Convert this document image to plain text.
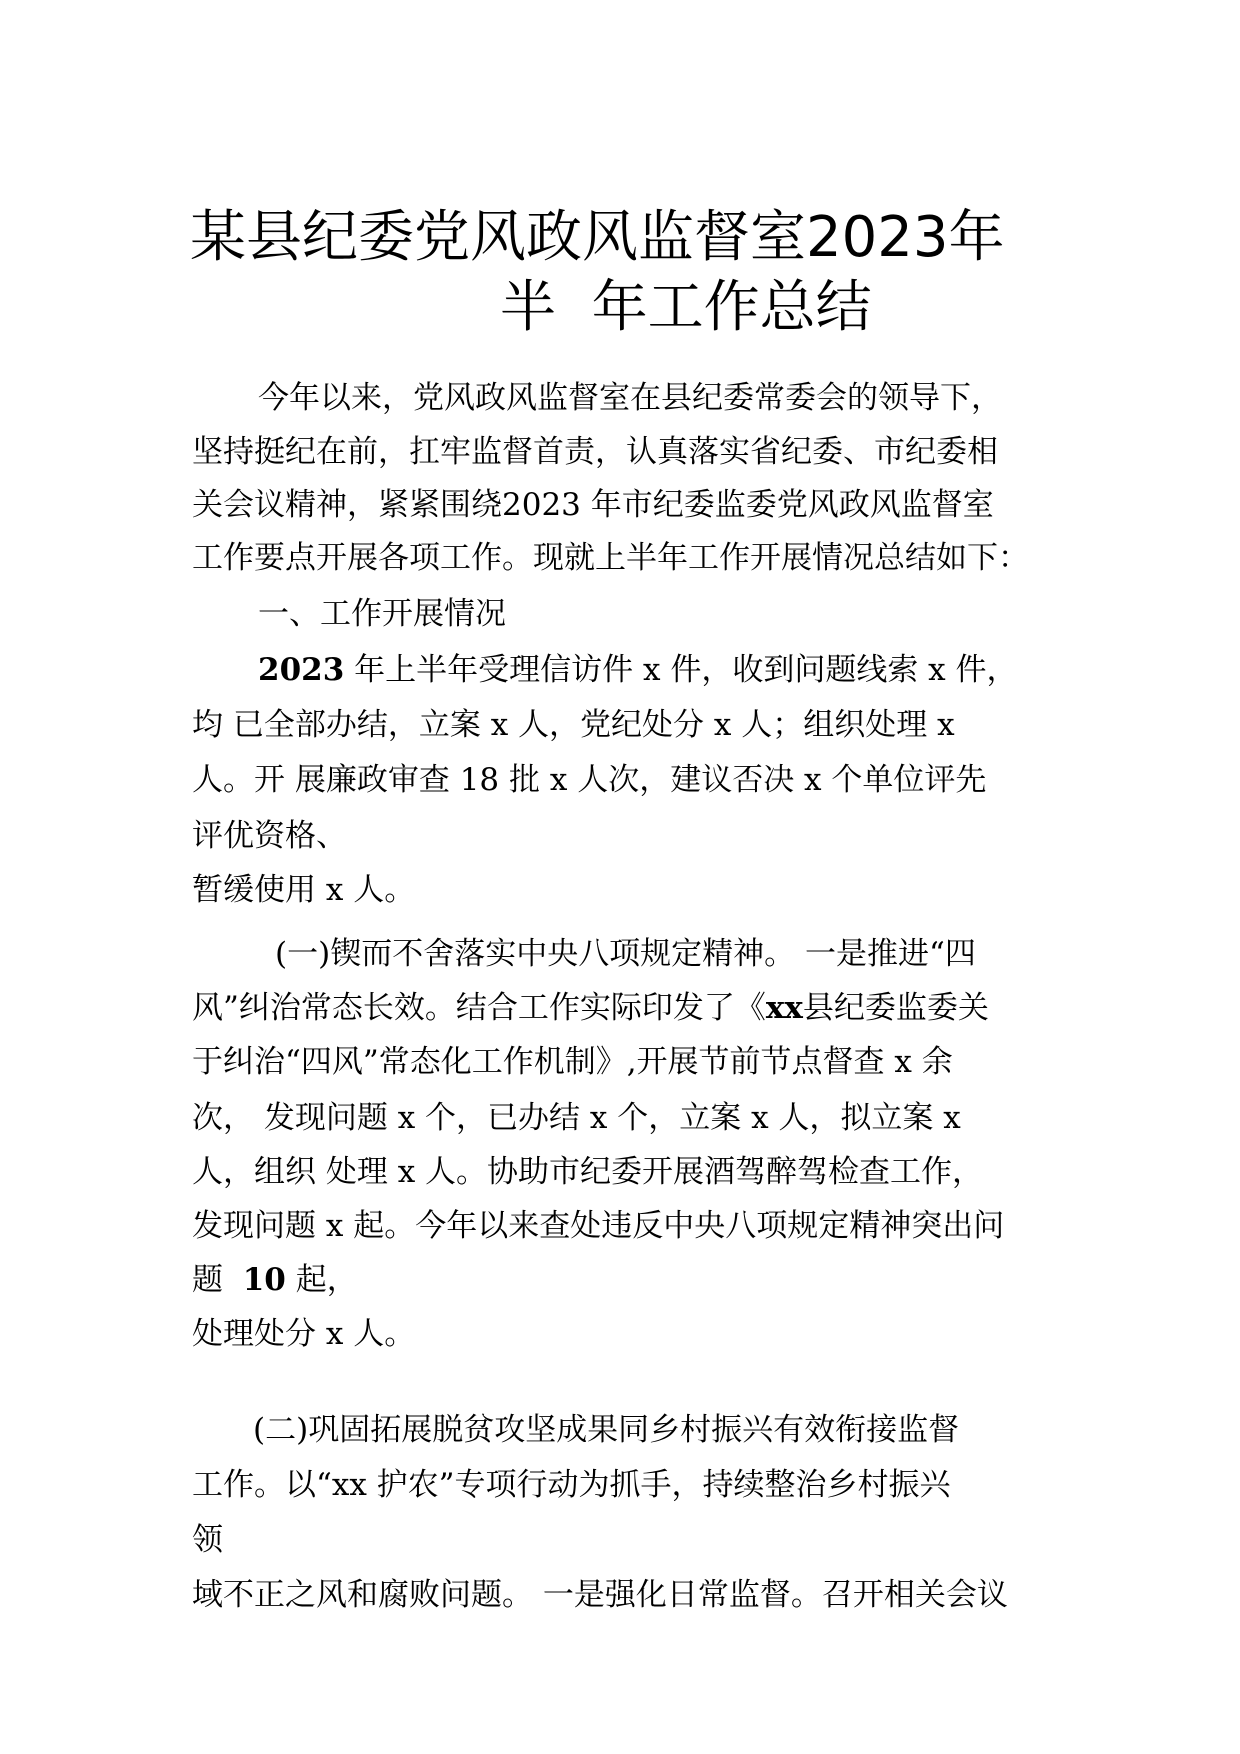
某县纪委党风政风监督室2023年
半  年工作总结
今年以来，党风政风监督室在县纪委常委会的领导下，
坚持挺纪在前，扛牢监督首责，认真落实省纪委、市纪委相
关会议精神，紧紧围绕2023 年市纪委监委党风政风监督室
工作要点开展各项工作。现就上半年工作开展情况总结如下：
一、工作开展情况
2023 年上半年受理信访件 x 件，收到问题线索 x 件，
均 已全部办结，立案 x 人，党纪处分 x 人；组织处理 x
人。开 展廉政审查 18 批 x 人次，建议否决 x 个单位评先
评优资格、
暂缓使用 x 人。
(一)锲而不舍落实中央八项规定精神。 一是推进“四
风”纠治常态长效。结合工作实际印发了《xx县纪委监委关
于纠治“四风”常态化工作机制》,开展节前节点督查 x 余
次， 发现问题 x 个，已办结 x 个，立案 x 人，拟立案 x
人，组织 处理 x 人。协助市纪委开展酒驾醉驾检查工作，
发现问题 x 起。今年以来查处违反中央八项规定精神突出问
题  10 起，
处理处分 x 人。
(二)巩固拓展脱贫攻坚成果同乡村振兴有效衔接监督
工作。以“xx 护农”专项行动为抓手，持续整治乡村振兴
领
域不正之风和腐败问题。 一是强化日常监督。召开相关会议
